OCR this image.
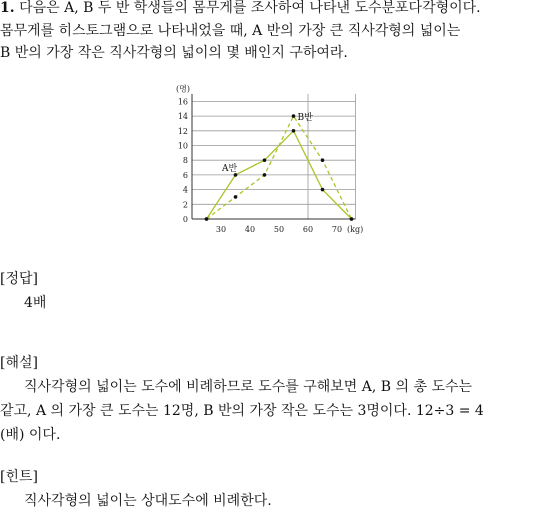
1. 다음은 A, B 두 반 학생들의 몸무게를 조사하여 나타낸 도수분포다각형이다.
몸무게를 히스토그램으로 나타내었을 때, A 반의 가장 큰 직사각형의 넓이는
B 반의 가장 작은 직사각형의 넓이의 몇 배인지 구하여라.
0
2
4
6
8
10
12
14
16
(명)
30 40 50 60 70 (kg)
A반
B반
[정답]
4배
[해설]
직사각형의 넓이는 도수에 비례하므로 도수를 구해보면 A, B 의 총 도수는
같고, A 의 가장 큰 도수는 12명, B 반의 가장 작은 도수는 3명이다. 12÷3 = 4
(배) 이다.
[힌트]
직사각형의 넓이는 상대도수에 비례한다.
